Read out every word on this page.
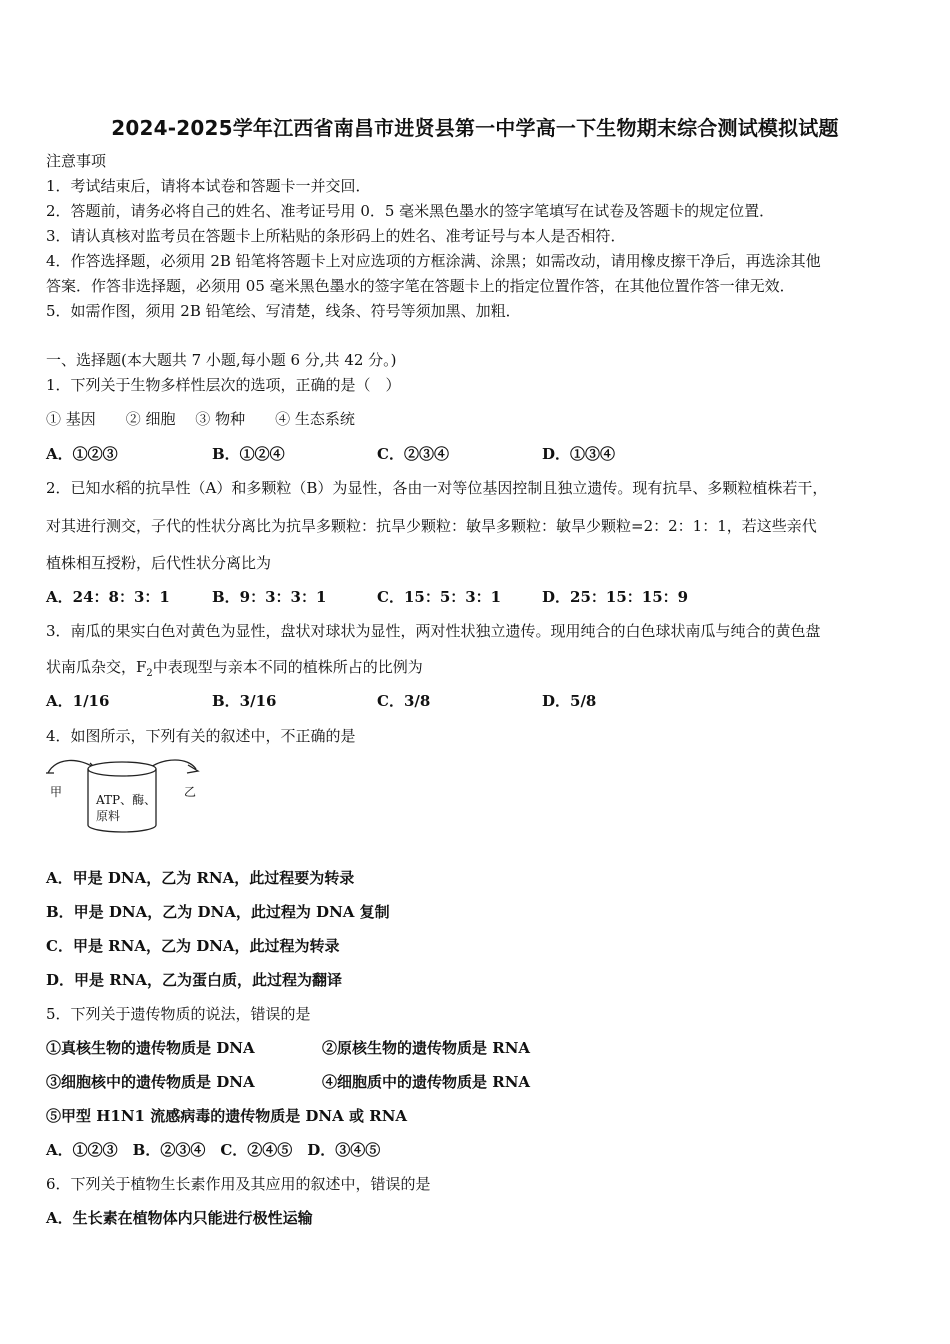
2024-2025学年江西省南昌市进贤县第一中学高一下生物期末综合测试模拟试题
注意事项
1．考试结束后，请将本试卷和答题卡一并交回．
2．答题前，请务必将自己的姓名、准考证号用 0．5 毫米黑色墨水的签字笔填写在试卷及答题卡的规定位置．
3．请认真核对监考员在答题卡上所粘贴的条形码上的姓名、准考证号与本人是否相符．
4．作答选择题，必须用 2B 铅笔将答题卡上对应选项的方框涂满、涂黑；如需改动，请用橡皮擦干净后，再选涂其他
答案．作答非选择题，必须用 05 毫米黑色墨水的签字笔在答题卡上的指定位置作答，在其他位置作答一律无效．
5．如需作图，须用 2B 铅笔绘、写清楚，线条、符号等须加黑、加粗．
一、选择题(本大题共 7 小题,每小题 6 分,共 42 分。)
1．下列关于生物多样性层次的选项，正确的是（　）
① 基因　　② 细胞　 ③ 物种　　④ 生态系统
A．①②③	B．①②④	C．②③④	D．①③④
2．已知水稻的抗旱性（A）和多颗粒（B）为显性，各由一对等位基因控制且独立遗传。现有抗旱、多颗粒植株若干，
对其进行测交，子代的性状分离比为抗旱多颗粒：抗旱少颗粒：敏旱多颗粒：敏旱少颗粒=2：2：1：1，若这些亲代
植株相互授粉，后代性状分离比为
A．24：8：3：1	B．9：3：3：1	C．15：5：3：1	D．25：15：15：9
3．南瓜的果实白色对黄色为显性，盘状对球状为显性，两对性状独立遗传。现用纯合的白色球状南瓜与纯合的黄色盘
状南瓜杂交，$F_2$中表现型与亲本不同的植株所占的比例为
A．1/16	B．3/16	C．3/8	D．5/8
4．如图所示，下列有关的叙述中，不正确的是
甲	乙
ATP、酶、
原料
A．甲是 DNA，乙为 RNA，此过程要为转录
B．甲是 DNA，乙为 DNA，此过程为 DNA 复制
C．甲是 RNA，乙为 DNA，此过程为转录
D．甲是 RNA，乙为蛋白质，此过程为翻译
5．下列关于遗传物质的说法，错误的是
①真核生物的遗传物质是 DNA	②原核生物的遗传物质是 RNA
③细胞核中的遗传物质是 DNA	④细胞质中的遗传物质是 RNA
⑤甲型 H1N1 流感病毒的遗传物质是 DNA 或 RNA
A．①②③　B．②③④　C．②④⑤　D．③④⑤
6．下列关于植物生长素作用及其应用的叙述中，错误的是
A．生长素在植物体内只能进行极性运输
